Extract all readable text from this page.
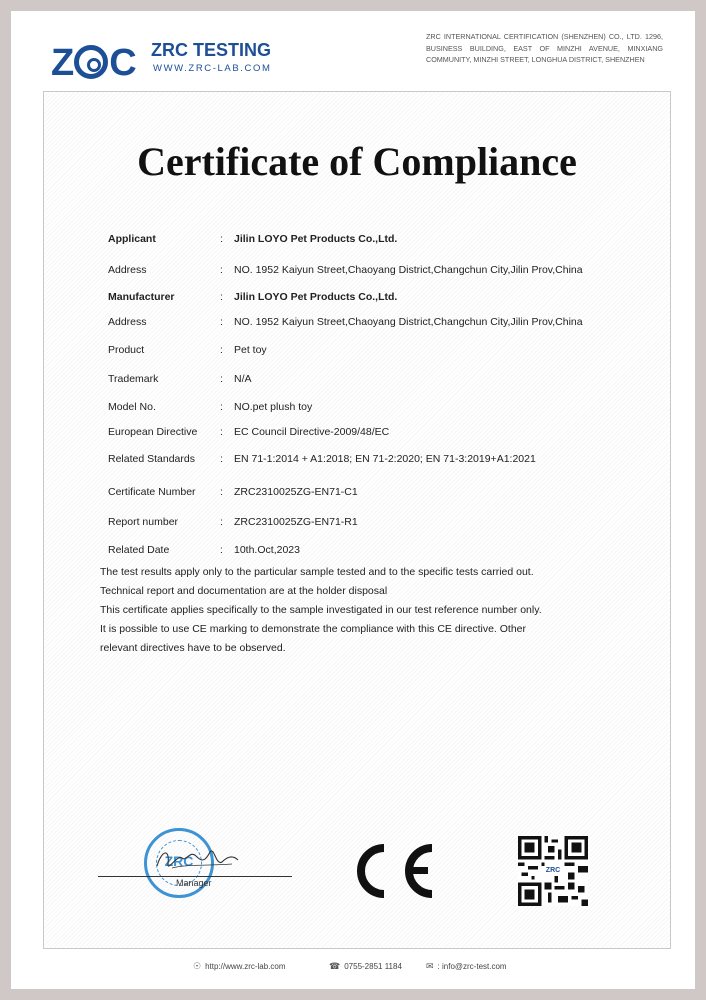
Z C ZRC TESTING
WWW.ZRC-LAB.COM
ZRC INTERNATIONAL CERTIFICATION (SHENZHEN) CO., LTD. 1296, BUSINESS BUILDING, EAST OF MINZHI AVENUE, MINXIANG COMMUNITY, MINZHI STREET, LONGHUA DISTRICT, SHENZHEN
Certificate of Compliance
Applicant	: Jilin LOYO Pet Products Co.,Ltd.
Address	: NO. 1952 Kaiyun Street,Chaoyang District,Changchun City,Jilin Prov,China
Manufacturer	: Jilin LOYO Pet Products Co.,Ltd.
Address	: NO. 1952 Kaiyun Street,Chaoyang District,Changchun City,Jilin Prov,China
Product	: Pet toy
Trademark	: N/A
Model No.	: NO.pet plush toy
European Directive : EC Council Directive-2009/48/EC
Related Standards : EN 71-1:2014 + A1:2018; EN 71-2:2020; EN 71-3:2019+A1:2021
Certificate Number : ZRC2310025ZG-EN71-C1
Report number	: ZRC2310025ZG-EN71-R1
Related Date	: 10th.Oct,2023
The test results apply only to the particular sample tested and to the specific tests carried out.
Technical report and documentation are at the holder disposal
This certificate applies specifically to the sample investigated in our test reference number only.
It is possible to use CE marking to demonstrate the compliance with this CE directive. Other
relevant directives have to be observed.
ZRC
Manager
ZRC
☉ http://www.zrc-lab.com	☎ 0755-2851 1184	✉ : info@zrc-test.com
